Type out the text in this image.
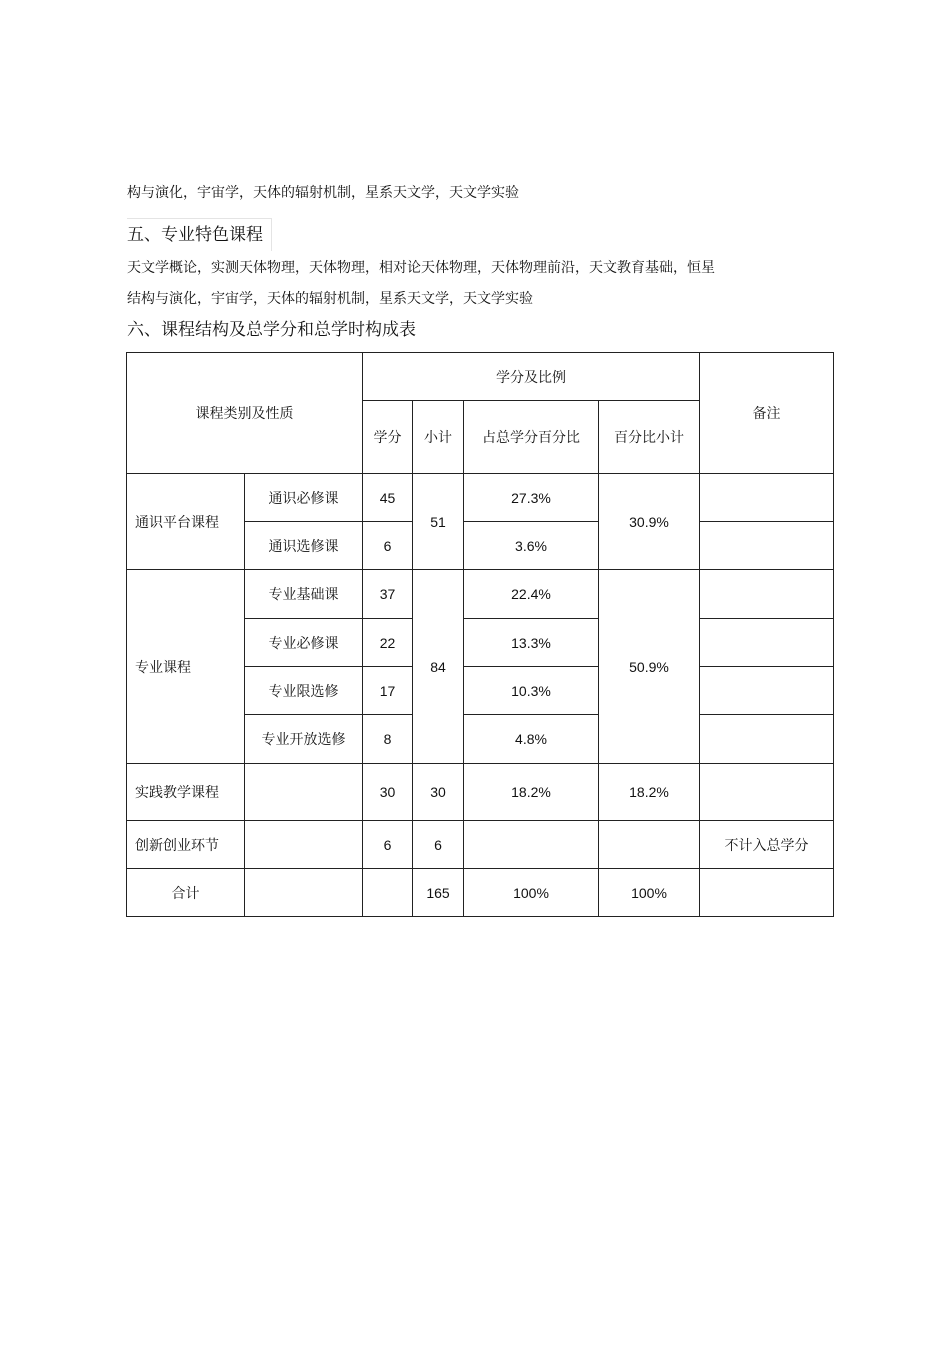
构与演化，宇宙学，天体的辐射机制，星系天文学，天文学实验
五、专业特色课程
天文学概论，实测天体物理，天体物理，相对论天体物理，天体物理前沿，天文教育基础，恒星
结构与演化，宇宙学，天体的辐射机制，星系天文学，天文学实验
六、课程结构及总学分和总学时构成表
课程类别及性质		学分及比例				备注
		学分	小计	占总学分百分比	百分比小计	
通识平台课程	通识必修课	45	51	27.3%	30.9%	
	通识选修课	6		3.6%		
专业课程	专业基础课	37	84	22.4%	50.9%	
	专业必修课	22		13.3%		
	专业限选修	17		10.3%		
	专业开放选修	8		4.8%		
实践教学课程		30	30	18.2%	18.2%	
创新创业环节		6	6			不计入总学分
合计			165	100%	100%	
